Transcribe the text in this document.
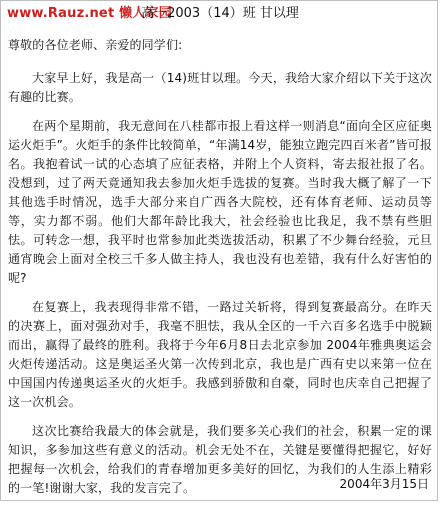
www.Rauz.net 懒人家园
高一2003（14）班 甘以理
尊敬的各位老师、亲爱的同学们:

大家早上好，我是高一（14)班甘以理。今天，我给大家介绍以下关于这次有趣的比赛。

在两个星期前，我无意间在八桂都市报上看这样一则消息“面向全区应征奥运火炬手”。火炬手的条件比较简单，“年满14岁，能独立跑完四百米者”皆可报名。我抱着试一试的心态填了应征表格，并附上个人资料，寄去报社报了名。没想到，过了两天竟通知我去参加火炬手选拔的复赛。当时我大概了解了一下其他选手时情况，选手大部分来自广西各大院校，还有体育老师、运动员等等，实力都不弱。他们大都年龄比我大，社会经验也比我足，我不禁有些胆怯。可转念一想，我平时也常参加此类选拔活动，积累了不少舞台经验，元旦通宵晚会上面对全校三千多人做主持人，我也没有也差错，我有什么好害怕的呢?

在复赛上，我表现得非常不错，一路过关斩将，得到复赛最高分。在昨天的决赛上，面对强劲对手，我毫不胆怯，我从全区的一千六百多名选手中脱颖而出，赢得了最终的胜利。我将于今年6月8日去北京参加 2004年雅典奥运会火炬传递活动。这是奥运圣火第一次传到北京，我也是广西有史以来第一位在中国国内传递奥运圣火的火炬手。我感到骄傲和自豪，同时也庆幸自己把握了这一次机会。

这次比赛给我最大的体会就是，我们要多关心我们的社会，积累一定的课知识，多参加这些有意义的活动。机会无处不在，关键是要懂得把握它，好好把握每一次机会，给我们的青春增加更多美好的回忆，为我们的人生添上精彩的一笔!谢谢大家，我的发言完了。	2004年3月15日
